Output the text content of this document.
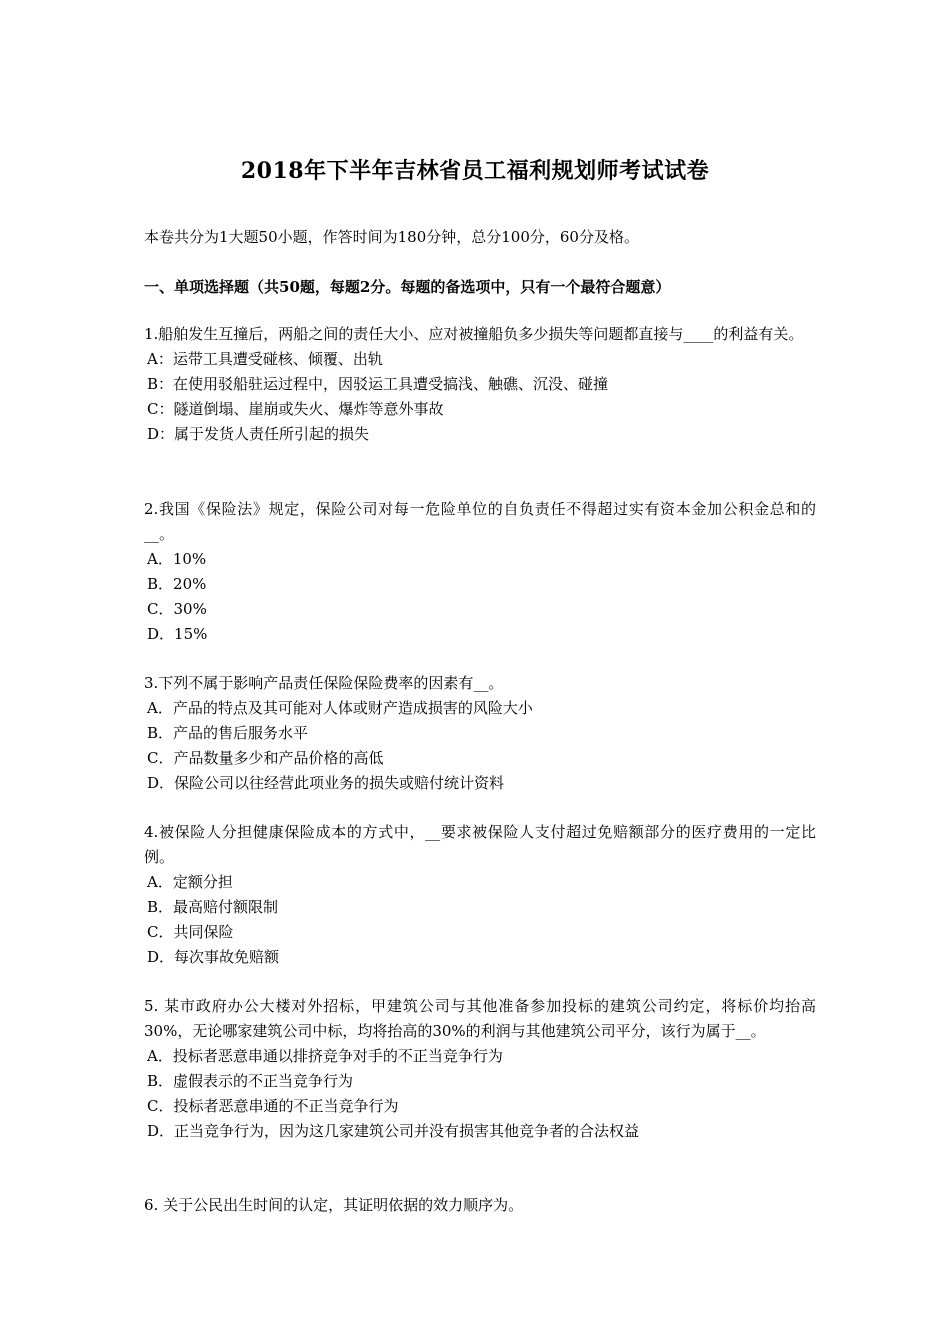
2018年下半年吉林省员工福利规划师考试试卷
本卷共分为1大题50小题，作答时间为180分钟，总分100分，60分及格。
一、单项选择题（共50题，每题2分。每题的备选项中，只有一个最符合题意）
1.船舶发生互撞后，两船之间的责任大小、应对被撞船负多少损失等问题都直接与____的利益有关。
A：运带工具遭受碰核、倾覆、出轨
B：在使用驳船驻运过程中，因驳运工具遭受搞浅、触礁、沉没、碰撞
C：隧道倒塌、崖崩或失火、爆炸等意外事故
D：属于发货人责任所引起的损失
2.我国《保险法》规定，保险公司对每一危险单位的自负责任不得超过实有资本金加公积金总和的__。
A．10%
B．20%
C．30%
D．15%
3.下列不属于影响产品责任保险保险费率的因素有__。
A．产品的特点及其可能对人体或财产造成损害的风险大小
B．产品的售后服务水平
C．产品数量多少和产品价格的高低
D．保险公司以往经营此项业务的损失或赔付统计资料
4.被保险人分担健康保险成本的方式中，__要求被保险人支付超过免赔额部分的医疗费用的一定比例。
A．定额分担
B．最高赔付额限制
C．共同保险
D．每次事故免赔额
5. 某市政府办公大楼对外招标，甲建筑公司与其他准备参加投标的建筑公司约定，将标价均抬高30%，无论哪家建筑公司中标，均将抬高的30%的利润与其他建筑公司平分，该行为属于__。
A．投标者恶意串通以排挤竞争对手的不正当竞争行为
B．虚假表示的不正当竞争行为
C．投标者恶意串通的不正当竞争行为
D．正当竞争行为，因为这几家建筑公司并没有损害其他竞争者的合法权益
6. 关于公民出生时间的认定，其证明依据的效力顺序为。
